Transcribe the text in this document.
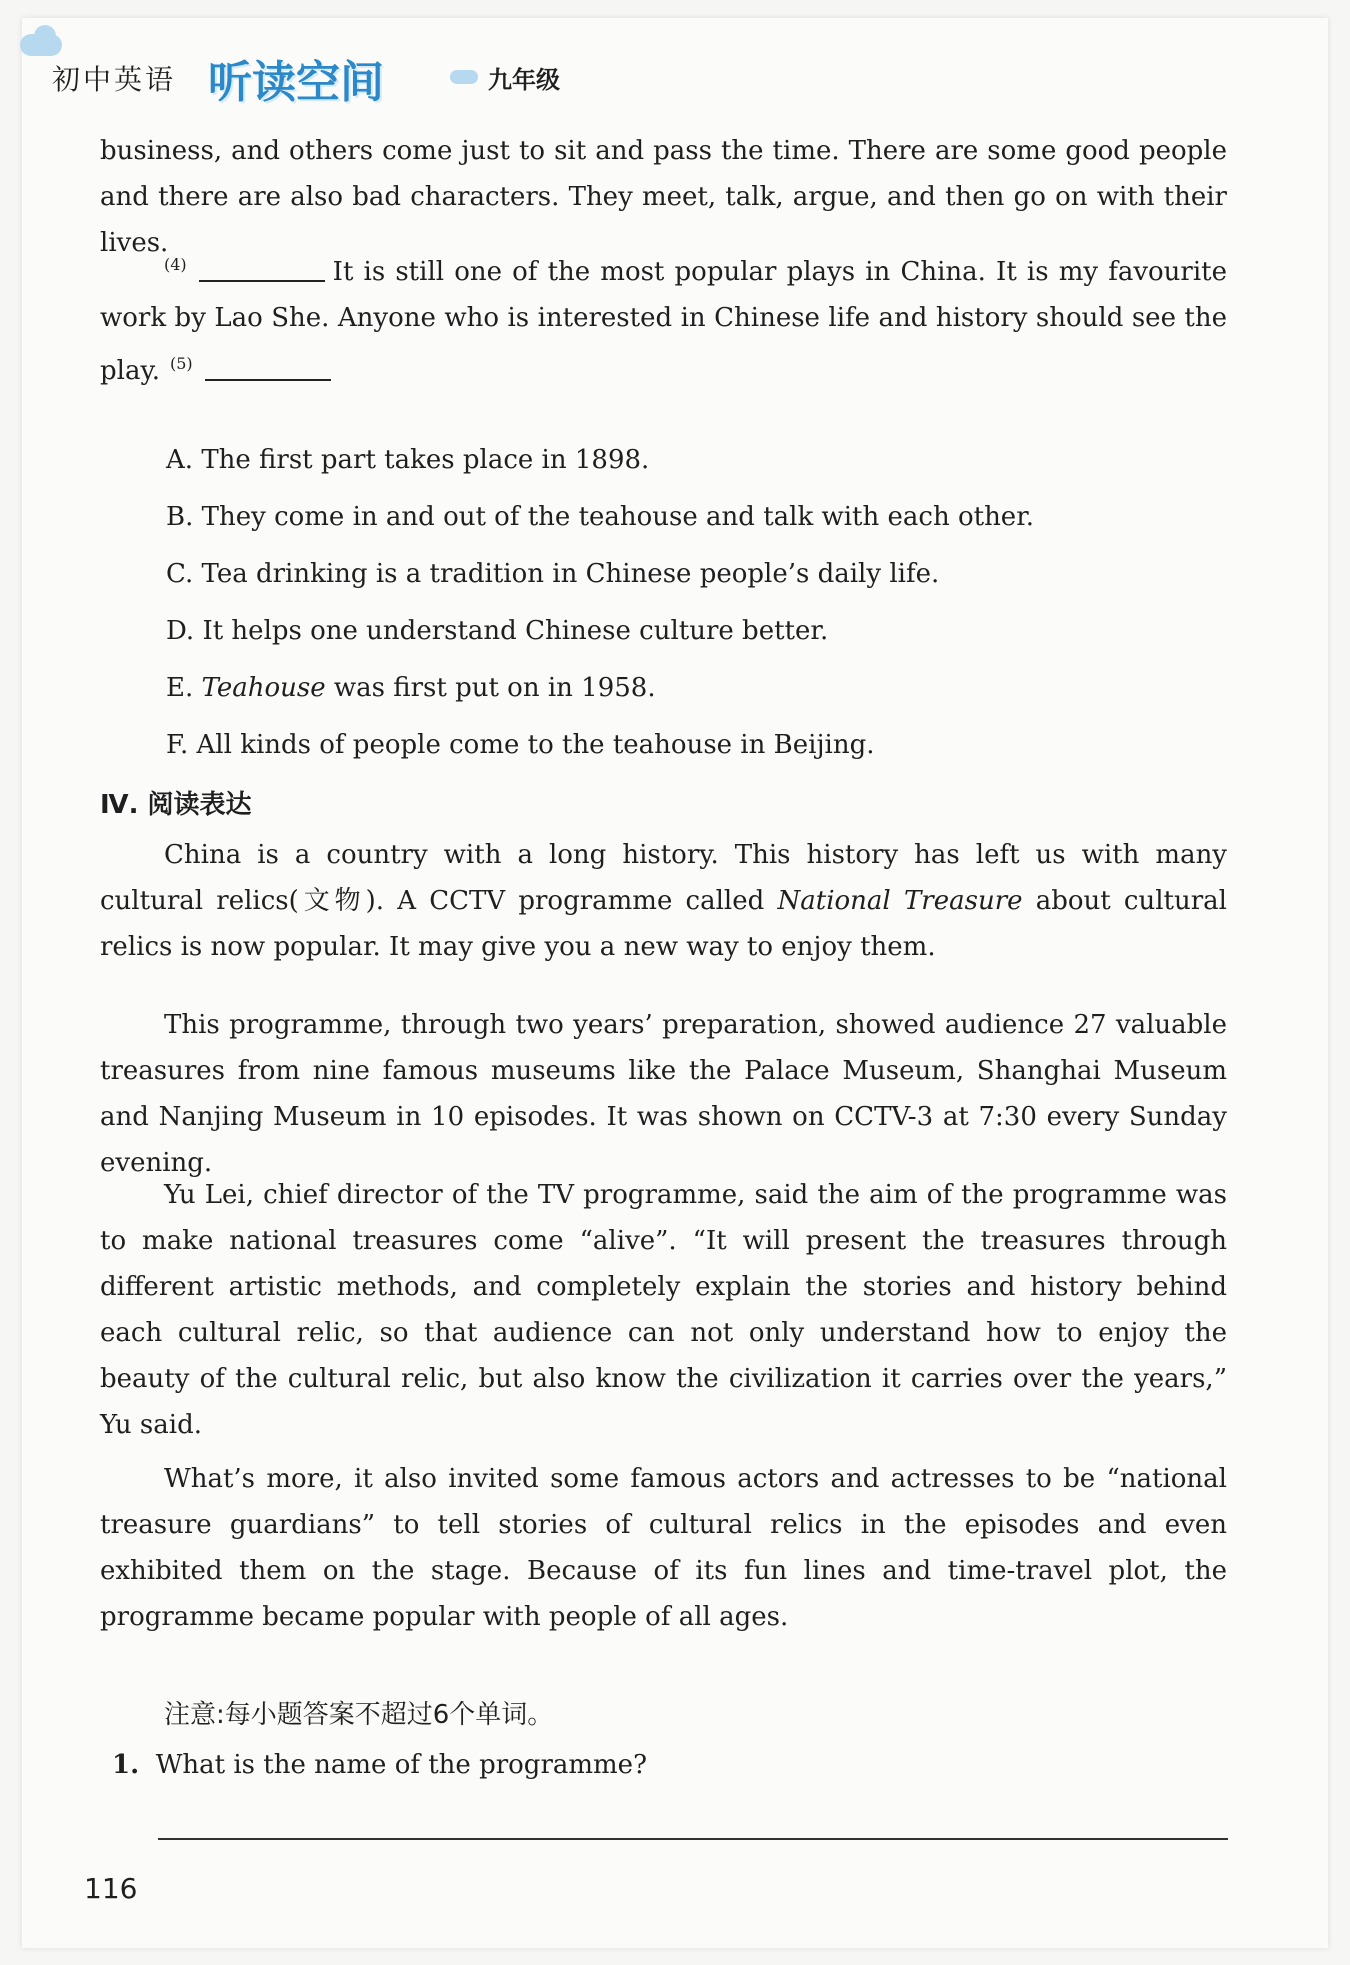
初中英语 听读空间	九年级

business, and others come just to sit and pass the time. There are some good people and there are also bad characters. They meet, talk, argue, and then go on with their lives.

$^{(4)}$	It is still one of the most popular plays in China. It is my favourite work by Lao She. Anyone who is interested in Chinese life and history should see the play. $^{(5)}$

A. The first part takes place in 1898.
B. They come in and out of the teahouse and talk with each other.
C. Tea drinking is a tradition in Chinese people’s daily life.
D. It helps one understand Chinese culture better.
E. Teahouse was first put on in 1958.
F. All kinds of people come to the teahouse in Beijing.
Ⅳ. 阅读表达

China is a country with a long history. This history has left us with many cultural relics(文物). A CCTV programme called National Treasure about cultural relics is now popular. It may give you a new way to enjoy them.

This programme, through two years’ preparation, showed audience 27 valuable treasures from nine famous museums like the Palace Museum, Shanghai Museum and Nanjing Museum in 10 episodes. It was shown on CCTV-3 at 7:30 every Sunday evening.

Yu Lei, chief director of the TV programme, said the aim of the programme was to make national treasures come “alive”. “It will present the treasures through different artistic methods, and completely explain the stories and history behind each cultural relic, so that audience can not only understand how to enjoy the beauty of the cultural relic, but also know the civilization it carries over the years,” Yu said.

What’s more, it also invited some famous actors and actresses to be “national treasure guardians” to tell stories of cultural relics in the episodes and even exhibited them on the stage. Because of its fun lines and time-travel plot, the programme became popular with people of all ages.

注意:每小题答案不超过6个单词。
1. What is the name of the programme?
116
